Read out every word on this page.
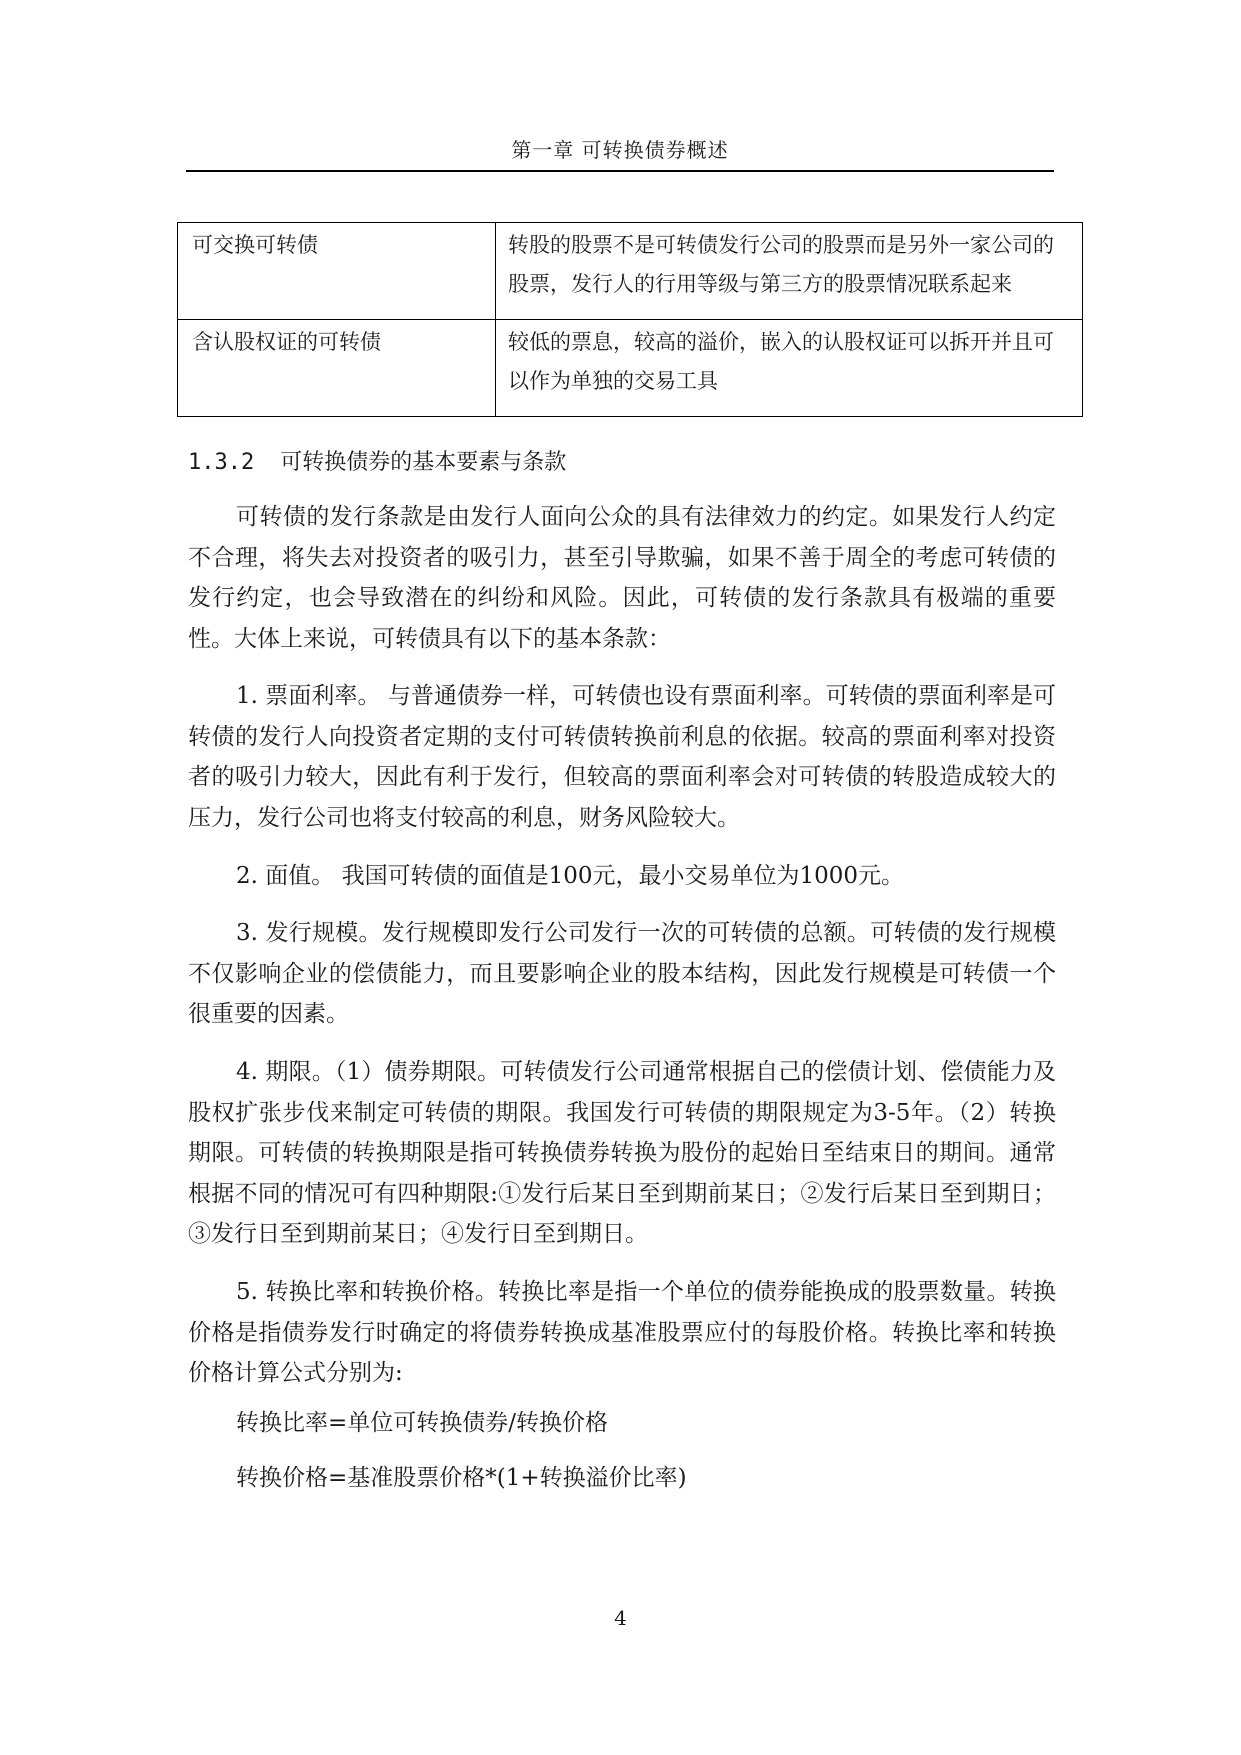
第一章 可转换债券概述
可交换可转债	转股的股票不是可转债发行公司的股票而是另外一家公司的股票，发行人的行用等级与第三方的股票情况联系起来
含认股权证的可转债	较低的票息，较高的溢价，嵌入的认股权证可以拆开并且可以作为单独的交易工具
1.3.2 可转换债券的基本要素与条款

可转债的发行条款是由发行人面向公众的具有法律效力的约定。如果发行人约定不合理，将失去对投资者的吸引力，甚至引导欺骗，如果不善于周全的考虑可转债的发行约定，也会导致潜在的纠纷和风险。因此，可转债的发行条款具有极端的重要性。大体上来说，可转债具有以下的基本条款：

1. 票面利率。 与普通债券一样，可转债也设有票面利率。可转债的票面利率是可转债的发行人向投资者定期的支付可转债转换前利息的依据。较高的票面利率对投资者的吸引力较大，因此有利于发行，但较高的票面利率会对可转债的转股造成较大的压力，发行公司也将支付较高的利息，财务风险较大。

2. 面值。 我国可转债的面值是100元，最小交易单位为1000元。

3. 发行规模。发行规模即发行公司发行一次的可转债的总额。可转债的发行规模不仅影响企业的偿债能力，而且要影响企业的股本结构，因此发行规模是可转债一个很重要的因素。

4. 期限。（1）债券期限。可转债发行公司通常根据自己的偿债计划、偿债能力及股权扩张步伐来制定可转债的期限。我国发行可转债的期限规定为3-5年。（2）转换期限。可转债的转换期限是指可转换债券转换为股份的起始日至结束日的期间。通常根据不同的情况可有四种期限:①发行后某日至到期前某日；②发行后某日至到期日；③发行日至到期前某日；④发行日至到期日。

5. 转换比率和转换价格。转换比率是指一个单位的债券能换成的股票数量。转换价格是指债券发行时确定的将债券转换成基准股票应付的每股价格。转换比率和转换价格计算公式分别为:

转换比率=单位可转换债券/转换价格

转换价格=基准股票价格*(1+转换溢价比率)

4
